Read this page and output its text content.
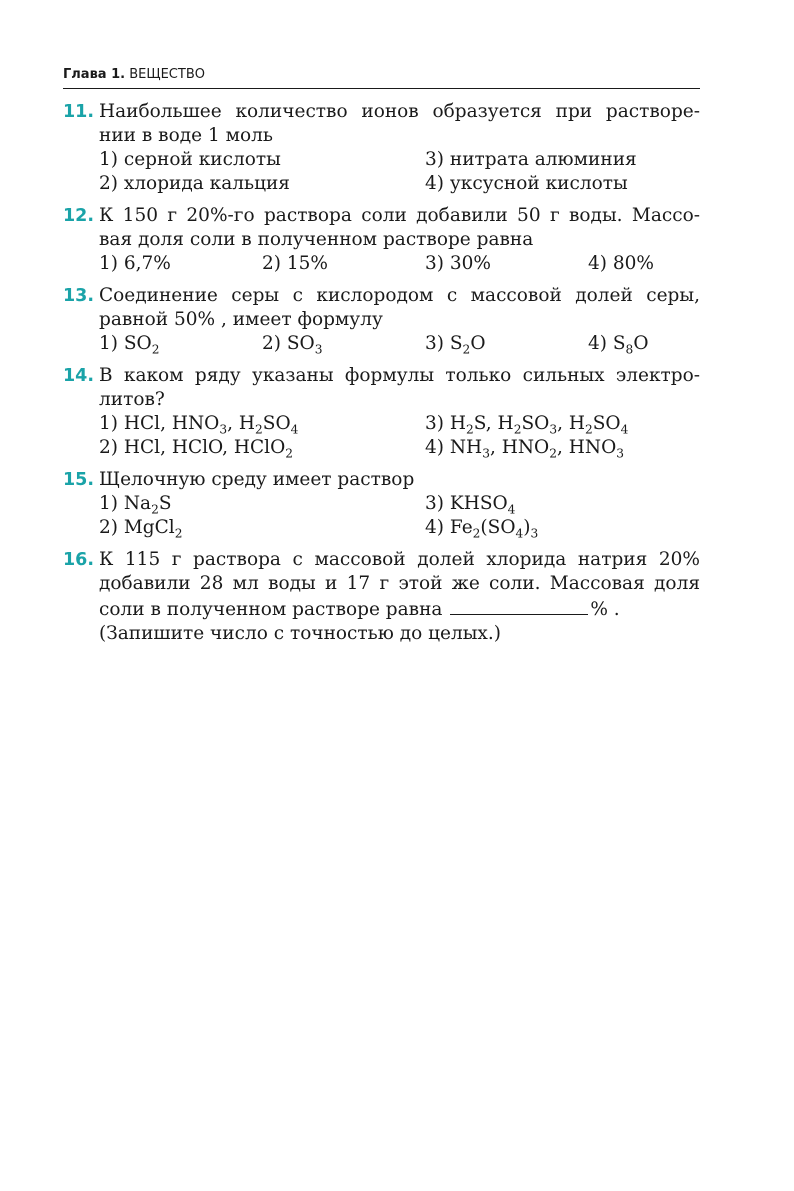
Глава 1. ВЕЩЕСТВО
11. Наибольшее количество ионов образуется при растворе-
нии в воде 1 моль
1) серной кислоты	3) нитрата алюминия
2) хлорида кальция	4) уксусной кислоты
12. К 150 г 20%-го раствора соли добавили 50 г воды. Массо-
вая доля соли в полученном растворе равна
1) 6,7%	2) 15%	3) 30%	4) 80%
13. Соединение серы с кислородом с массовой долей серы,
равной 50% , имеет формулу
1) $SO_2$	2) $SO_3$	3) $S_2O$	4) $S_8O$
14. В каком ряду указаны формулы только сильных электро-
литов?
1) HCl, $HNO_3$, $H_2SO_4$	3) $H_2S$, $H_2SO_3$, $H_2SO_4$
2) HCl, HClO, HClO$_2$	4) $NH_3$, $HNO_2$, $HNO_3$
15. Щелочную среду имеет раствор
1) $Na_2S$	3) $KHSO_4$
2) MgCl$_2$	4) $Fe_2(SO_4)_3$
16. К 115 г раствора с массовой долей хлорида натрия 20%
добавили 28 мл воды и 17 г этой же соли. Массовая доля
соли в полученном растворе равна	% .
(Запишите число с точностью до целых.)
